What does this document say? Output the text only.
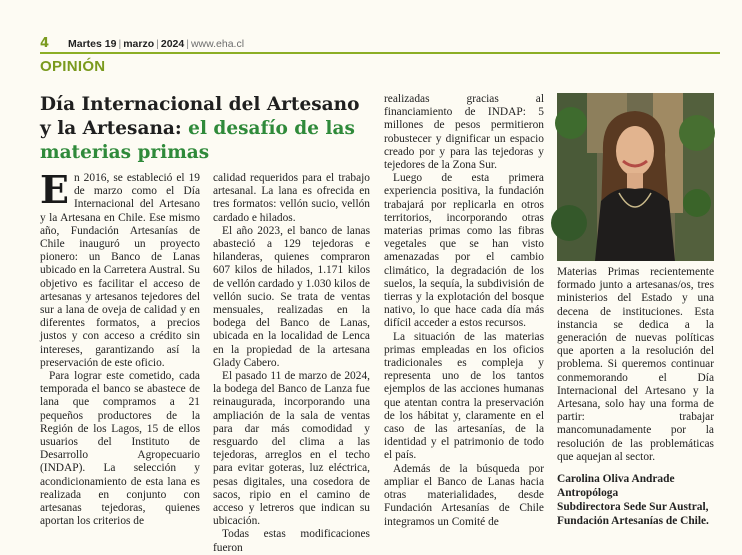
4 Martes 19 | marzo | 2024 | www.eha.cl
OPINIÓN
Día Internacional del Artesano y la Artesana: el desafío de las materias primas

En 2016, se estableció el 19 de marzo como el Día Internacional del Artesano y la Artesana en Chile. Ese mismo año, Fundación Artesanías de Chile inauguró un proyecto pionero: un Banco de Lanas ubicado en la Carretera Austral. Su objetivo es facilitar el acceso de artesanas y artesanos tejedores del sur a lana de oveja de calidad y en diferentes formatos, a precios justos y con acceso a crédito sin intereses, garantizando así la preservación de este oficio.

Para lograr este cometido, cada temporada el banco se abastece de lana que compramos a 21 pequeños productores de la Región de los Lagos, 15 de ellos usuarios del Instituto de Desarrollo Agropecuario (INDAP). La selección y acondicionamiento de esta lana es realizada en conjunto con artesanas tejedoras, quienes aportan los criterios de

calidad requeridos para el trabajo artesanal. La lana es ofrecida en tres formatos: vellón sucio, vellón cardado e hilados.

El año 2023, el banco de lanas abasteció a 129 tejedoras e hilanderas, quienes compraron 607 kilos de hilados, 1.171 kilos de vellón cardado y 1.030 kilos de vellón sucio. Se trata de ventas mensuales, realizadas en la bodega del Banco de Lanas, ubicada en la localidad de Lenca en la propiedad de la artesana Glady Cabero.

El pasado 11 de marzo de 2024, la bodega del Banco de Lanza fue reinaugurada, incorporando una ampliación de la sala de ventas para dar más comodidad y resguardo del clima a las tejedoras, arreglos en el techo para evitar goteras, luz eléctrica, pesas digitales, una cosedora de sacos, ripio en el camino de acceso y letreros que indican su ubicación.

Todas estas modificaciones fueron

realizadas gracias al financiamiento de INDAP: 5 millones de pesos permitieron robustecer y dignificar un espacio creado por y para las tejedoras y tejedores de la Zona Sur.

Luego de esta primera experiencia positiva, la fundación trabajará por replicarla en otros territorios, incorporando otras materias primas como las fibras vegetales que se han visto amenazadas por el cambio climático, la degradación de los suelos, la sequía, la subdivisión de tierras y la explotación del bosque nativo, lo que hace cada día más difícil acceder a estos recursos.

La situación de las materias primas empleadas en los oficios tradicionales es compleja y representa uno de los tantos ejemplos de las acciones humanas que atentan contra la preservación de los hábitat y, claramente en el caso de las artesanías, de la identidad y el patrimonio de todo el país.

Además de la búsqueda por ampliar el Banco de Lanas hacia otras materialidades, desde Fundación Artesanías de Chile integramos un Comité de

Materias Primas recientemente formado junto a artesanas/os, tres ministerios del Estado y una decena de instituciones. Esta instancia se dedica a la generación de nuevas políticas que aporten a la resolución del problema. Si queremos continuar conmemorando el Día Internacional del Artesano y la Artesana, solo hay una forma de partir: trabajar mancomunadamente por la resolución de las problemáticas que aquejan al sector.

Carolina Oliva Andrade
Antropóloga
Subdirectora Sede Sur Austral, Fundación Artesanías de Chile.
